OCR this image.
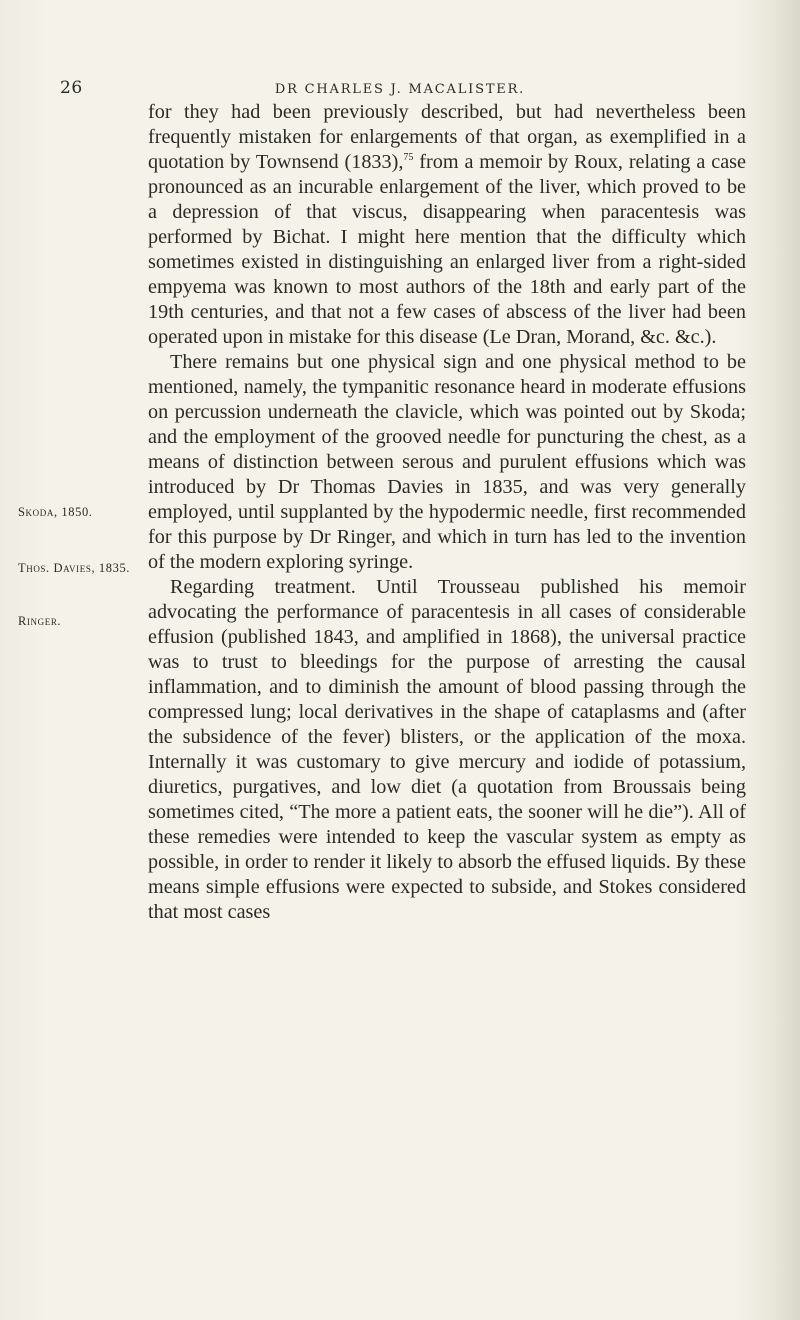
26	DR CHARLES J. MACALISTER.
Skoda, 1850.
Thos. Davies, 1835.
Ringer.

for they had been previously described, but had nevertheless been frequently mistaken for enlargements of that organ, as exemplified in a quotation by Townsend (1833),$^{75}$ from a memoir by Roux, relating a case pronounced as an incurable enlargement of the liver, which proved to be a depression of that viscus, disappearing when paracentesis was performed by Bichat. I might here mention that the difficulty which sometimes existed in distinguishing an enlarged liver from a right-sided empyema was known to most authors of the 18th and early part of the 19th centuries, and that not a few cases of abscess of the liver had been operated upon in mistake for this disease (Le Dran, Morand, &c. &c.).

There remains but one physical sign and one physical method to be mentioned, namely, the tympanitic resonance heard in moderate effusions on percussion underneath the clavicle, which was pointed out by Skoda; and the employment of the grooved needle for puncturing the chest, as a means of distinction between serous and purulent effusions which was introduced by Dr Thomas Davies in 1835, and was very generally employed, until supplanted by the hypodermic needle, first recommended for this purpose by Dr Ringer, and which in turn has led to the invention of the modern exploring syringe.

Regarding treatment. Until Trousseau published his memoir advocating the performance of paracentesis in all cases of considerable effusion (published 1843, and amplified in 1868), the universal practice was to trust to bleedings for the purpose of arresting the causal inflammation, and to diminish the amount of blood passing through the compressed lung; local derivatives in the shape of cataplasms and (after the subsidence of the fever) blisters, or the application of the moxa. Internally it was customary to give mercury and iodide of potassium, diuretics, purgatives, and low diet (a quotation from Broussais being sometimes cited, “The more a patient eats, the sooner will he die”). All of these remedies were intended to keep the vascular system as empty as possible, in order to render it likely to absorb the effused liquids. By these means simple effusions were expected to subside, and Stokes considered that most cases
